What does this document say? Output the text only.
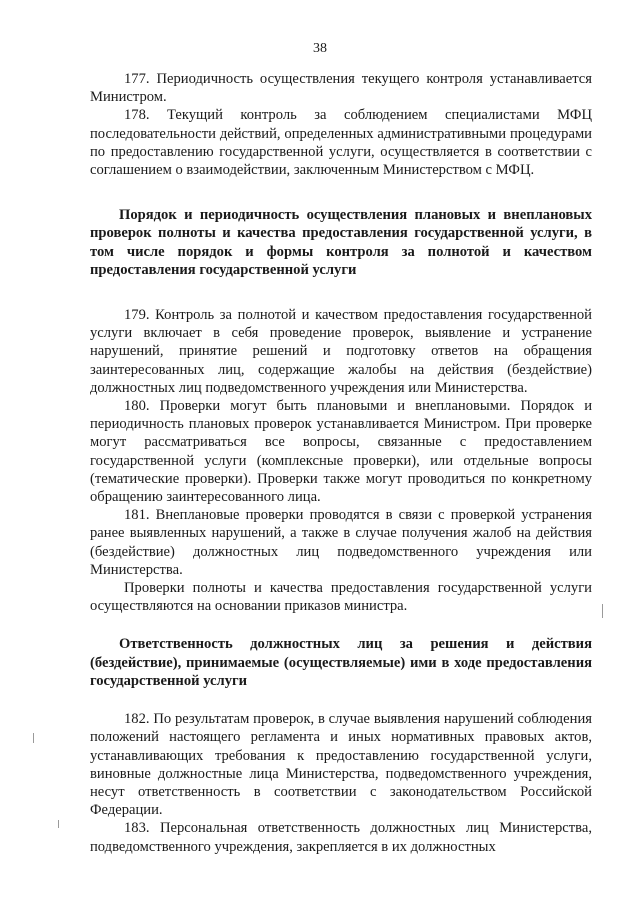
38

177. Периодичность осуществления текущего контроля устанавливается Министром.

178. Текущий контроль за соблюдением специалистами МФЦ последовательности действий, определенных административными процедурами по предоставлению государственной услуги, осуществляется в соответствии с соглашением о взаимодействии, заключенным Министерством с МФЦ.

Порядок и периодичность осуществления плановых и внеплановых проверок полноты и качества предоставления государственной услуги, в том числе порядок и формы контроля за полнотой и качеством предоставления государственной услуги

179. Контроль за полнотой и качеством предоставления государственной услуги включает в себя проведение проверок, выявление и устранение нарушений, принятие решений и подготовку ответов на обращения заинтересованных лиц, содержащие жалобы на действия (бездействие) должностных лиц подведомственного учреждения или Министерства.

180. Проверки могут быть плановыми и внеплановыми. Порядок и периодичность плановых проверок устанавливается Министром. При проверке могут рассматриваться все вопросы, связанные с предоставлением государственной услуги (комплексные проверки), или отдельные вопросы (тематические проверки). Проверки также могут проводиться по конкретному обращению заинтересованного лица.

181. Внеплановые проверки проводятся в связи с проверкой устранения ранее выявленных нарушений, а также в случае получения жалоб на действия (бездействие) должностных лиц подведомственного учреждения или Министерства.

Проверки полноты и качества предоставления государственной услуги осуществляются на основании приказов министра.

Ответственность должностных лиц за решения и действия (бездействие), принимаемые (осуществляемые) ими в ходе предоставления государственной услуги

182. По результатам проверок, в случае выявления нарушений соблюдения положений настоящего регламента и иных нормативных правовых актов, устанавливающих требования к предоставлению государственной услуги, виновные должностные лица Министерства, подведомственного учреждения, несут ответственность в соответствии с законодательством Российской Федерации.

183. Персональная ответственность должностных лиц Министерства, подведомственного учреждения, закрепляется в их должностных
